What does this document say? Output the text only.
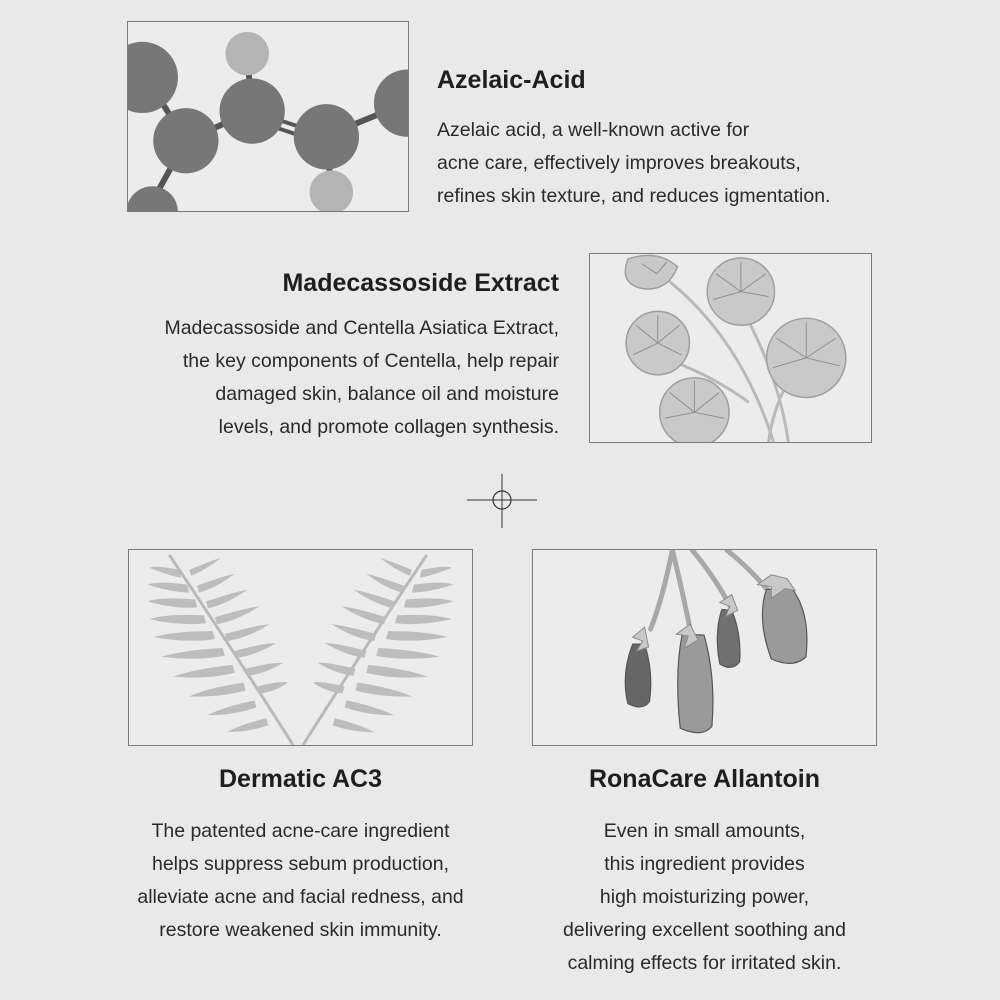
Azelaic-Acid
Azelaic acid, a well-known active for
acne care, effectively improves breakouts,
refines skin texture, and reduces igmentation.
Madecassoside Extract
Madecassoside and Centella Asiatica Extract,
the key components of Centella, help repair
damaged skin, balance oil and moisture
levels, and promote collagen synthesis.
Dermatic AC3
The patented acne-care ingredient
helps suppress sebum production,
alleviate acne and facial redness, and
restore weakened skin immunity.
RonaCare Allantoin
Even in small amounts,
this ingredient provides
high moisturizing power,
delivering excellent soothing and
calming effects for irritated skin.
